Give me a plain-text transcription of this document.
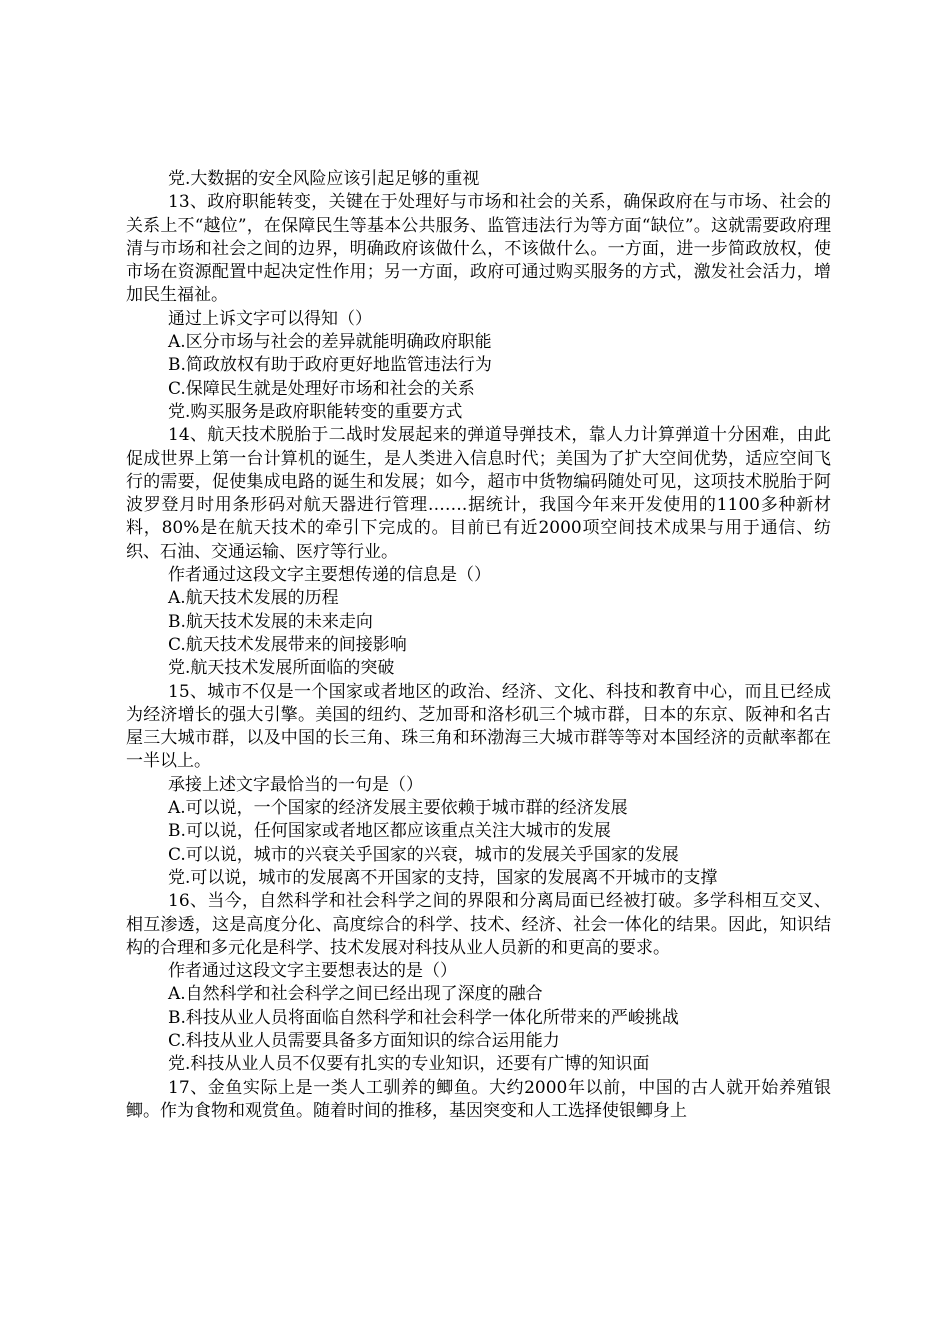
党.大数据的安全风险应该引起足够的重视

13、政府职能转变，关键在于处理好与市场和社会的关系，确保政府在与市场、社会的关系上不“越位”，在保障民生等基本公共服务、监管违法行为等方面“缺位”。这就需要政府理清与市场和社会之间的边界，明确政府该做什么，不该做什么。一方面，进一步简政放权，使市场在资源配置中起决定性作用；另一方面，政府可通过购买服务的方式，激发社会活力，增加民生福祉。

通过上诉文字可以得知（）

A.区分市场与社会的差异就能明确政府职能

B.简政放权有助于政府更好地监管违法行为

C.保障民生就是处理好市场和社会的关系

党.购买服务是政府职能转变的重要方式

14、航天技术脱胎于二战时发展起来的弹道导弹技术，靠人力计算弹道十分困难，由此促成世界上第一台计算机的诞生，是人类进入信息时代；美国为了扩大空间优势，适应空间飞行的需要，促使集成电路的诞生和发展；如今，超市中货物编码随处可见，这项技术脱胎于阿波罗登月时用条形码对航天器进行管理…….据统计，我国今年来开发使用的1100多种新材料，80%是在航天技术的牵引下完成的。目前已有近2000项空间技术成果与用于通信、纺织、石油、交通运输、医疗等行业。

作者通过这段文字主要想传递的信息是（）

A.航天技术发展的历程

B.航天技术发展的未来走向

C.航天技术发展带来的间接影响

党.航天技术发展所面临的突破

15、城市不仅是一个国家或者地区的政治、经济、文化、科技和教育中心，而且已经成为经济增长的强大引擎。美国的纽约、芝加哥和洛杉矶三个城市群，日本的东京、阪神和名古屋三大城市群，以及中国的长三角、珠三角和环渤海三大城市群等等对本国经济的贡献率都在一半以上。

承接上述文字最恰当的一句是（）

A.可以说，一个国家的经济发展主要依赖于城市群的经济发展

B.可以说，任何国家或者地区都应该重点关注大城市的发展

C.可以说，城市的兴衰关乎国家的兴衰，城市的发展关乎国家的发展

党.可以说，城市的发展离不开国家的支持，国家的发展离不开城市的支撑

16、当今，自然科学和社会科学之间的界限和分离局面已经被打破。多学科相互交叉、相互渗透，这是高度分化、高度综合的科学、技术、经济、社会一体化的结果。因此，知识结构的合理和多元化是科学、技术发展对科技从业人员新的和更高的要求。

作者通过这段文字主要想表达的是（）

A.自然科学和社会科学之间已经出现了深度的融合

B.科技从业人员将面临自然科学和社会科学一体化所带来的严峻挑战

C.科技从业人员需要具备多方面知识的综合运用能力

党.科技从业人员不仅要有扎实的专业知识，还要有广博的知识面

17、金鱼实际上是一类人工驯养的鲫鱼。大约2000年以前，中国的古人就开始养殖银鲫。作为食物和观赏鱼。随着时间的推移，基因突变和人工选择使银鲫身上
